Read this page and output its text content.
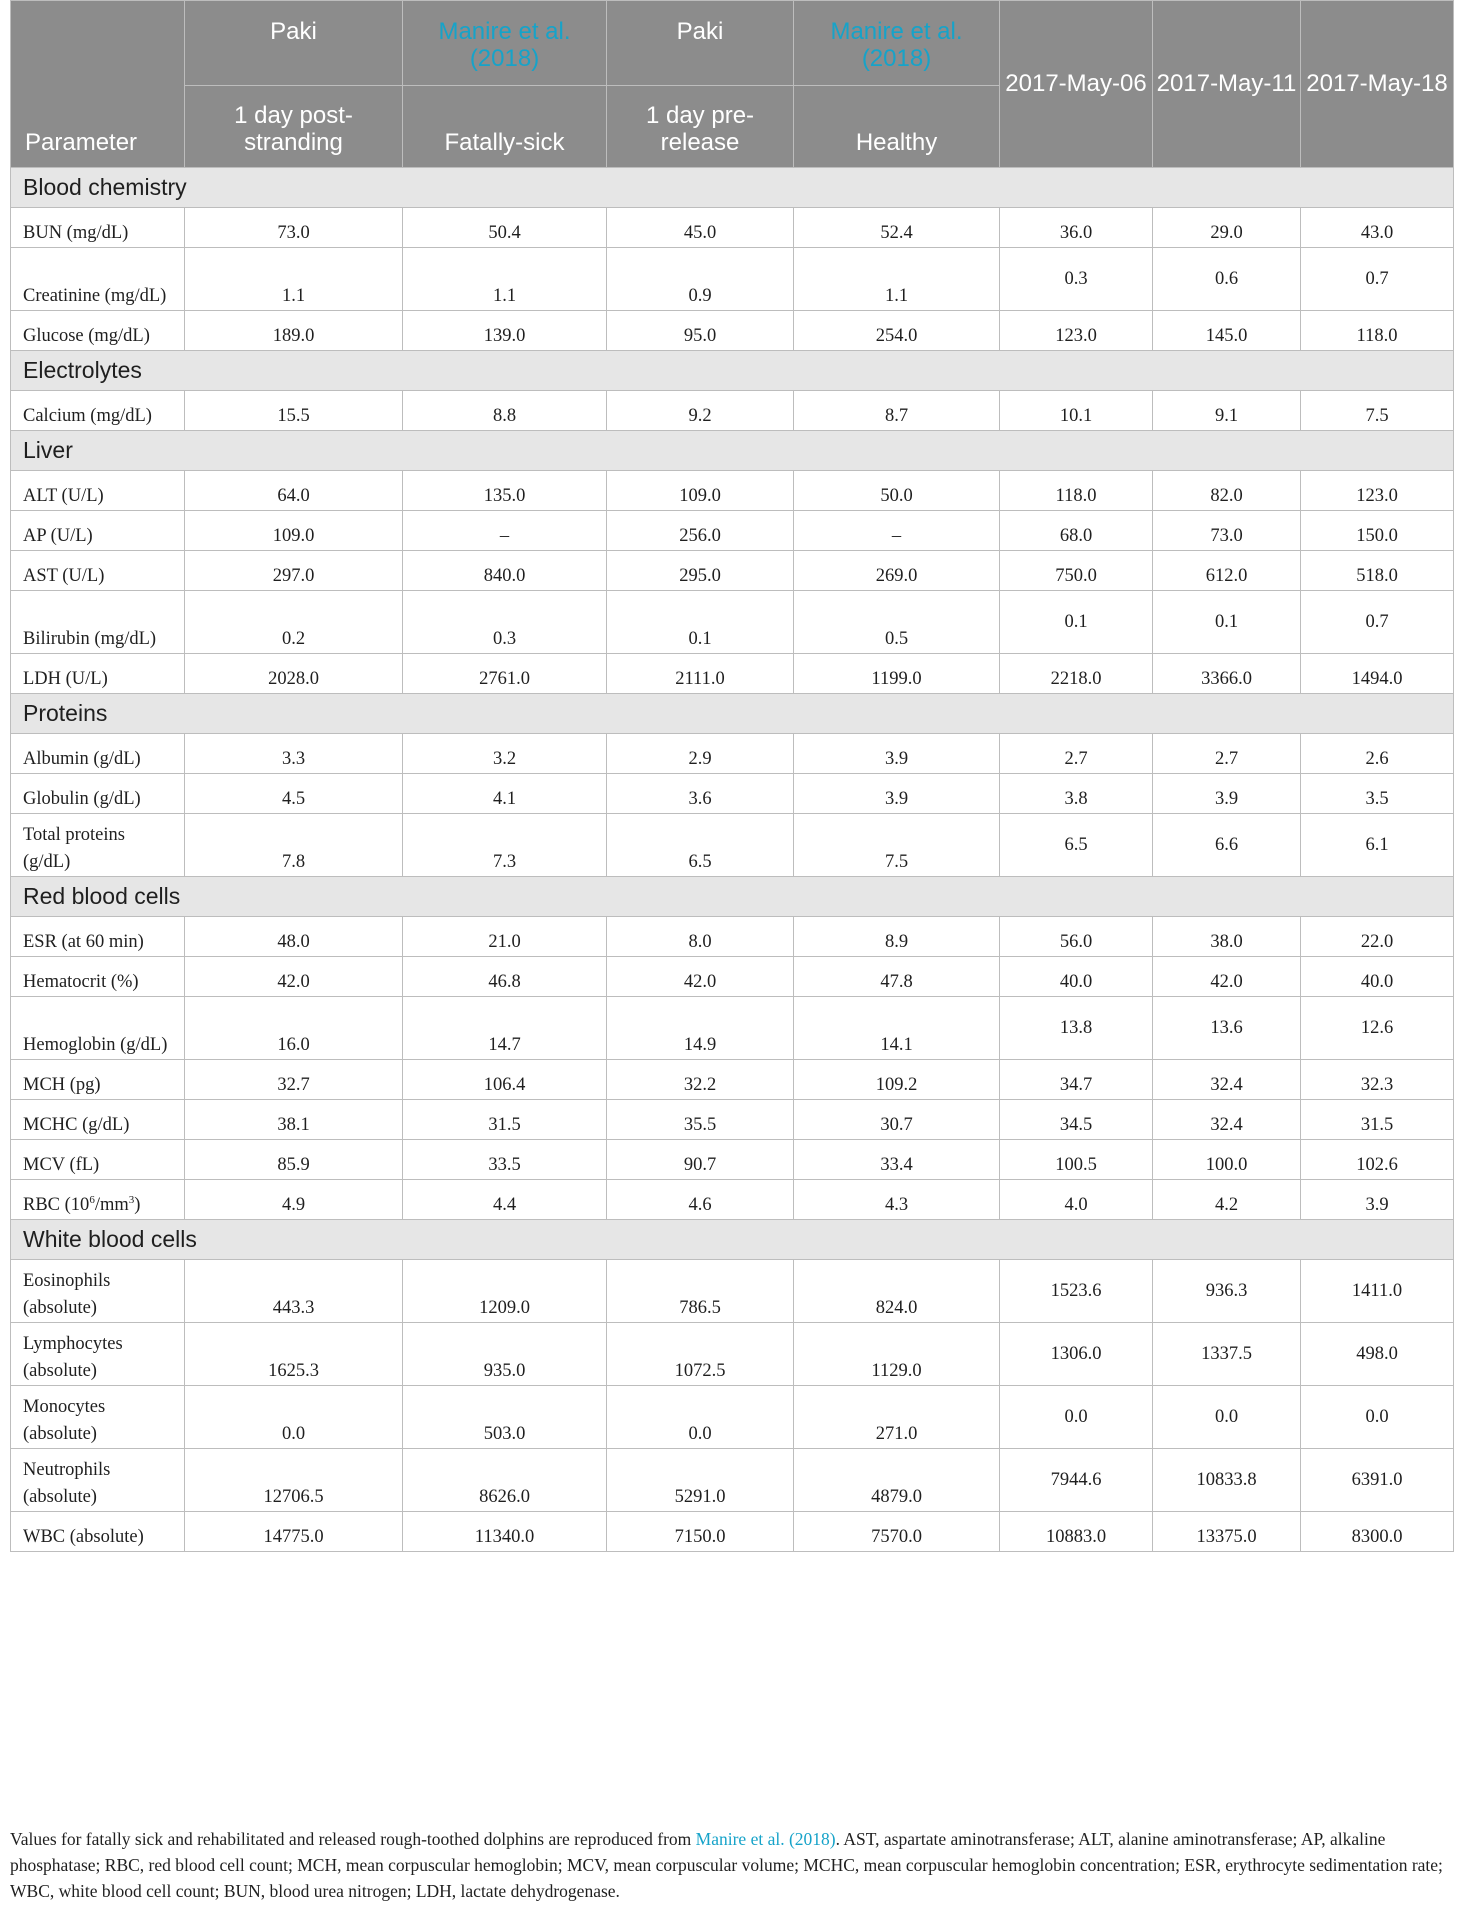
Parameter	Paki	Manire et al. (2018)	Paki	Manire et al. (2018)	2017-May-06	2017-May-11	2017-May-18
	1 day post-stranding	Fatally-sick	1 day pre-release	Healthy			
Blood chemistry							
BUN (mg/dL)	73.0	50.4	45.0	52.4	36.0	29.0	43.0
Creatinine (mg/dL)	1.1	1.1	0.9	1.1	0.3	0.6	0.7
Glucose (mg/dL)	189.0	139.0	95.0	254.0	123.0	145.0	118.0
Electrolytes							
Calcium (mg/dL)	15.5	8.8	9.2	8.7	10.1	9.1	7.5
Liver							
ALT (U/L)	64.0	135.0	109.0	50.0	118.0	82.0	123.0
AP (U/L)	109.0	–	256.0	–	68.0	73.0	150.0
AST (U/L)	297.0	840.0	295.0	269.0	750.0	612.0	518.0
Bilirubin (mg/dL)	0.2	0.3	0.1	0.5	0.1	0.1	0.7
LDH (U/L)	2028.0	2761.0	2111.0	1199.0	2218.0	3366.0	1494.0
Proteins							
Albumin (g/dL)	3.3	3.2	2.9	3.9	2.7	2.7	2.6
Globulin (g/dL)	4.5	4.1	3.6	3.9	3.8	3.9	3.5
Total proteins (g/dL)	7.8	7.3	6.5	7.5	6.5	6.6	6.1
Red blood cells							
ESR (at 60 min)	48.0	21.0	8.0	8.9	56.0	38.0	22.0
Hematocrit (%)	42.0	46.8	42.0	47.8	40.0	42.0	40.0
Hemoglobin (g/dL)	16.0	14.7	14.9	14.1	13.8	13.6	12.6
MCH (pg)	32.7	106.4	32.2	109.2	34.7	32.4	32.3
MCHC (g/dL)	38.1	31.5	35.5	30.7	34.5	32.4	31.5
MCV (fL)	85.9	33.5	90.7	33.4	100.5	100.0	102.6
RBC $(10^6/mm^3)$	4.9	4.4	4.6	4.3	4.0	4.2	3.9
White blood cells							
Eosinophils (absolute)	443.3	1209.0	786.5	824.0	1523.6	936.3	1411.0
Lymphocytes (absolute)	1625.3	935.0	1072.5	1129.0	1306.0	1337.5	498.0
Monocytes (absolute)	0.0	503.0	0.0	271.0	0.0	0.0	0.0
Neutrophils (absolute)	12706.5	8626.0	5291.0	4879.0	7944.6	10833.8	6391.0
WBC (absolute)	14775.0	11340.0	7150.0	7570.0	10883.0	13375.0	8300.0
Values for fatally sick and rehabilitated and released rough-toothed dolphins are reproduced from Manire et al. (2018). AST, aspartate aminotransferase; ALT, alanine aminotransferase; AP, alkaline phosphatase; RBC, red blood cell count; MCH, mean corpuscular hemoglobin; MCV, mean corpuscular volume; MCHC, mean corpuscular hemoglobin concentration; ESR, erythrocyte sedimentation rate; WBC, white blood cell count; BUN, blood urea nitrogen; LDH, lactate dehydrogenase.
